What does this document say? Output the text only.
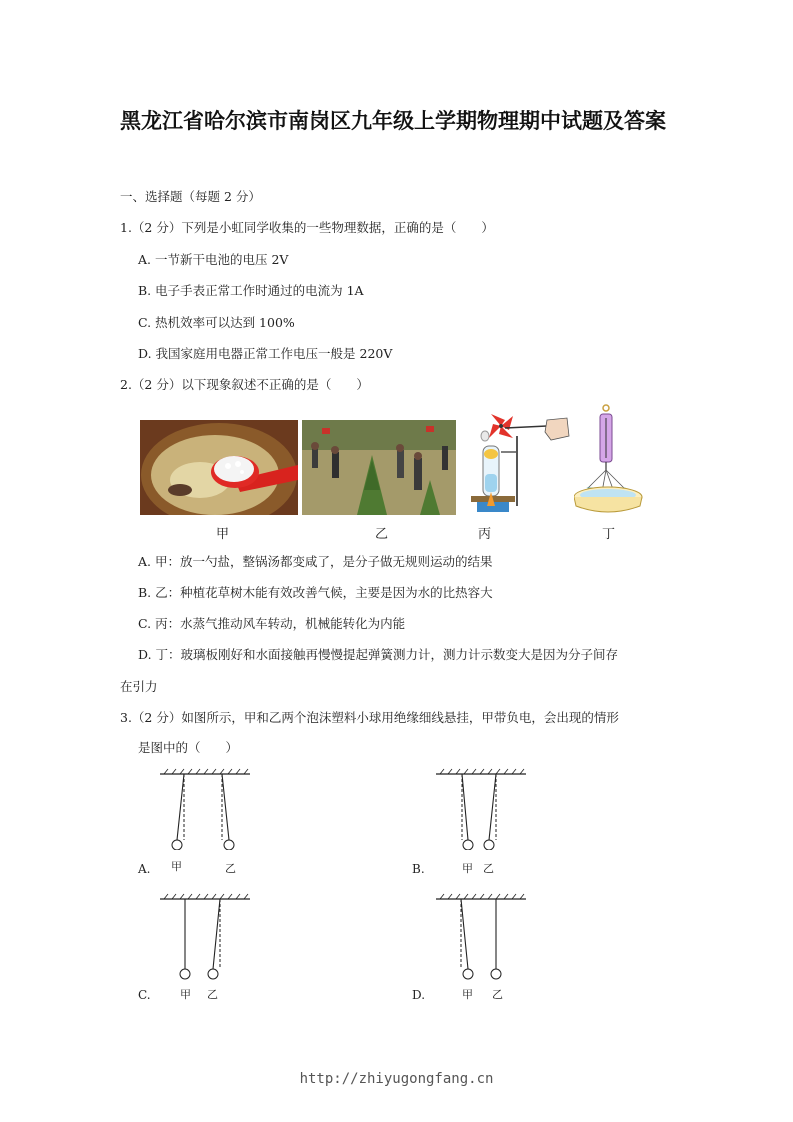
黑龙江省哈尔滨市南岗区九年级上学期物理期中试题及答案
一、选择题（每题 2 分）
1.（2 分）下列是小虹同学收集的一些物理数据，正确的是（　　）
A. 一节新干电池的电压 2V
B. 电子手表正常工作时通过的电流为 1A
C. 热机效率可以达到 100%
D. 我国家庭用电器正常工作电压一般是 220V
2.（2 分）以下现象叙述不正确的是（　　）
甲	乙	丙	丁
A. 甲：放一勺盐，整锅汤都变咸了，是分子做无规则运动的结果
B. 乙：种植花草树木能有效改善气候，主要是因为水的比热容大
C. 丙：水蒸气推动风车转动，机械能转化为内能
D. 丁：玻璃板刚好和水面接触再慢慢提起弹簧测力计，测力计示数变大是因为分子间存
在引力
3.（2 分）如图所示，甲和乙两个泡沫塑料小球用绝缘细线悬挂，甲带负电，会出现的情形
是图中的（　　）
A. 甲	乙	B.	甲 乙
C.	甲 乙	D.	甲 乙
http://zhiyugongfang.cn
